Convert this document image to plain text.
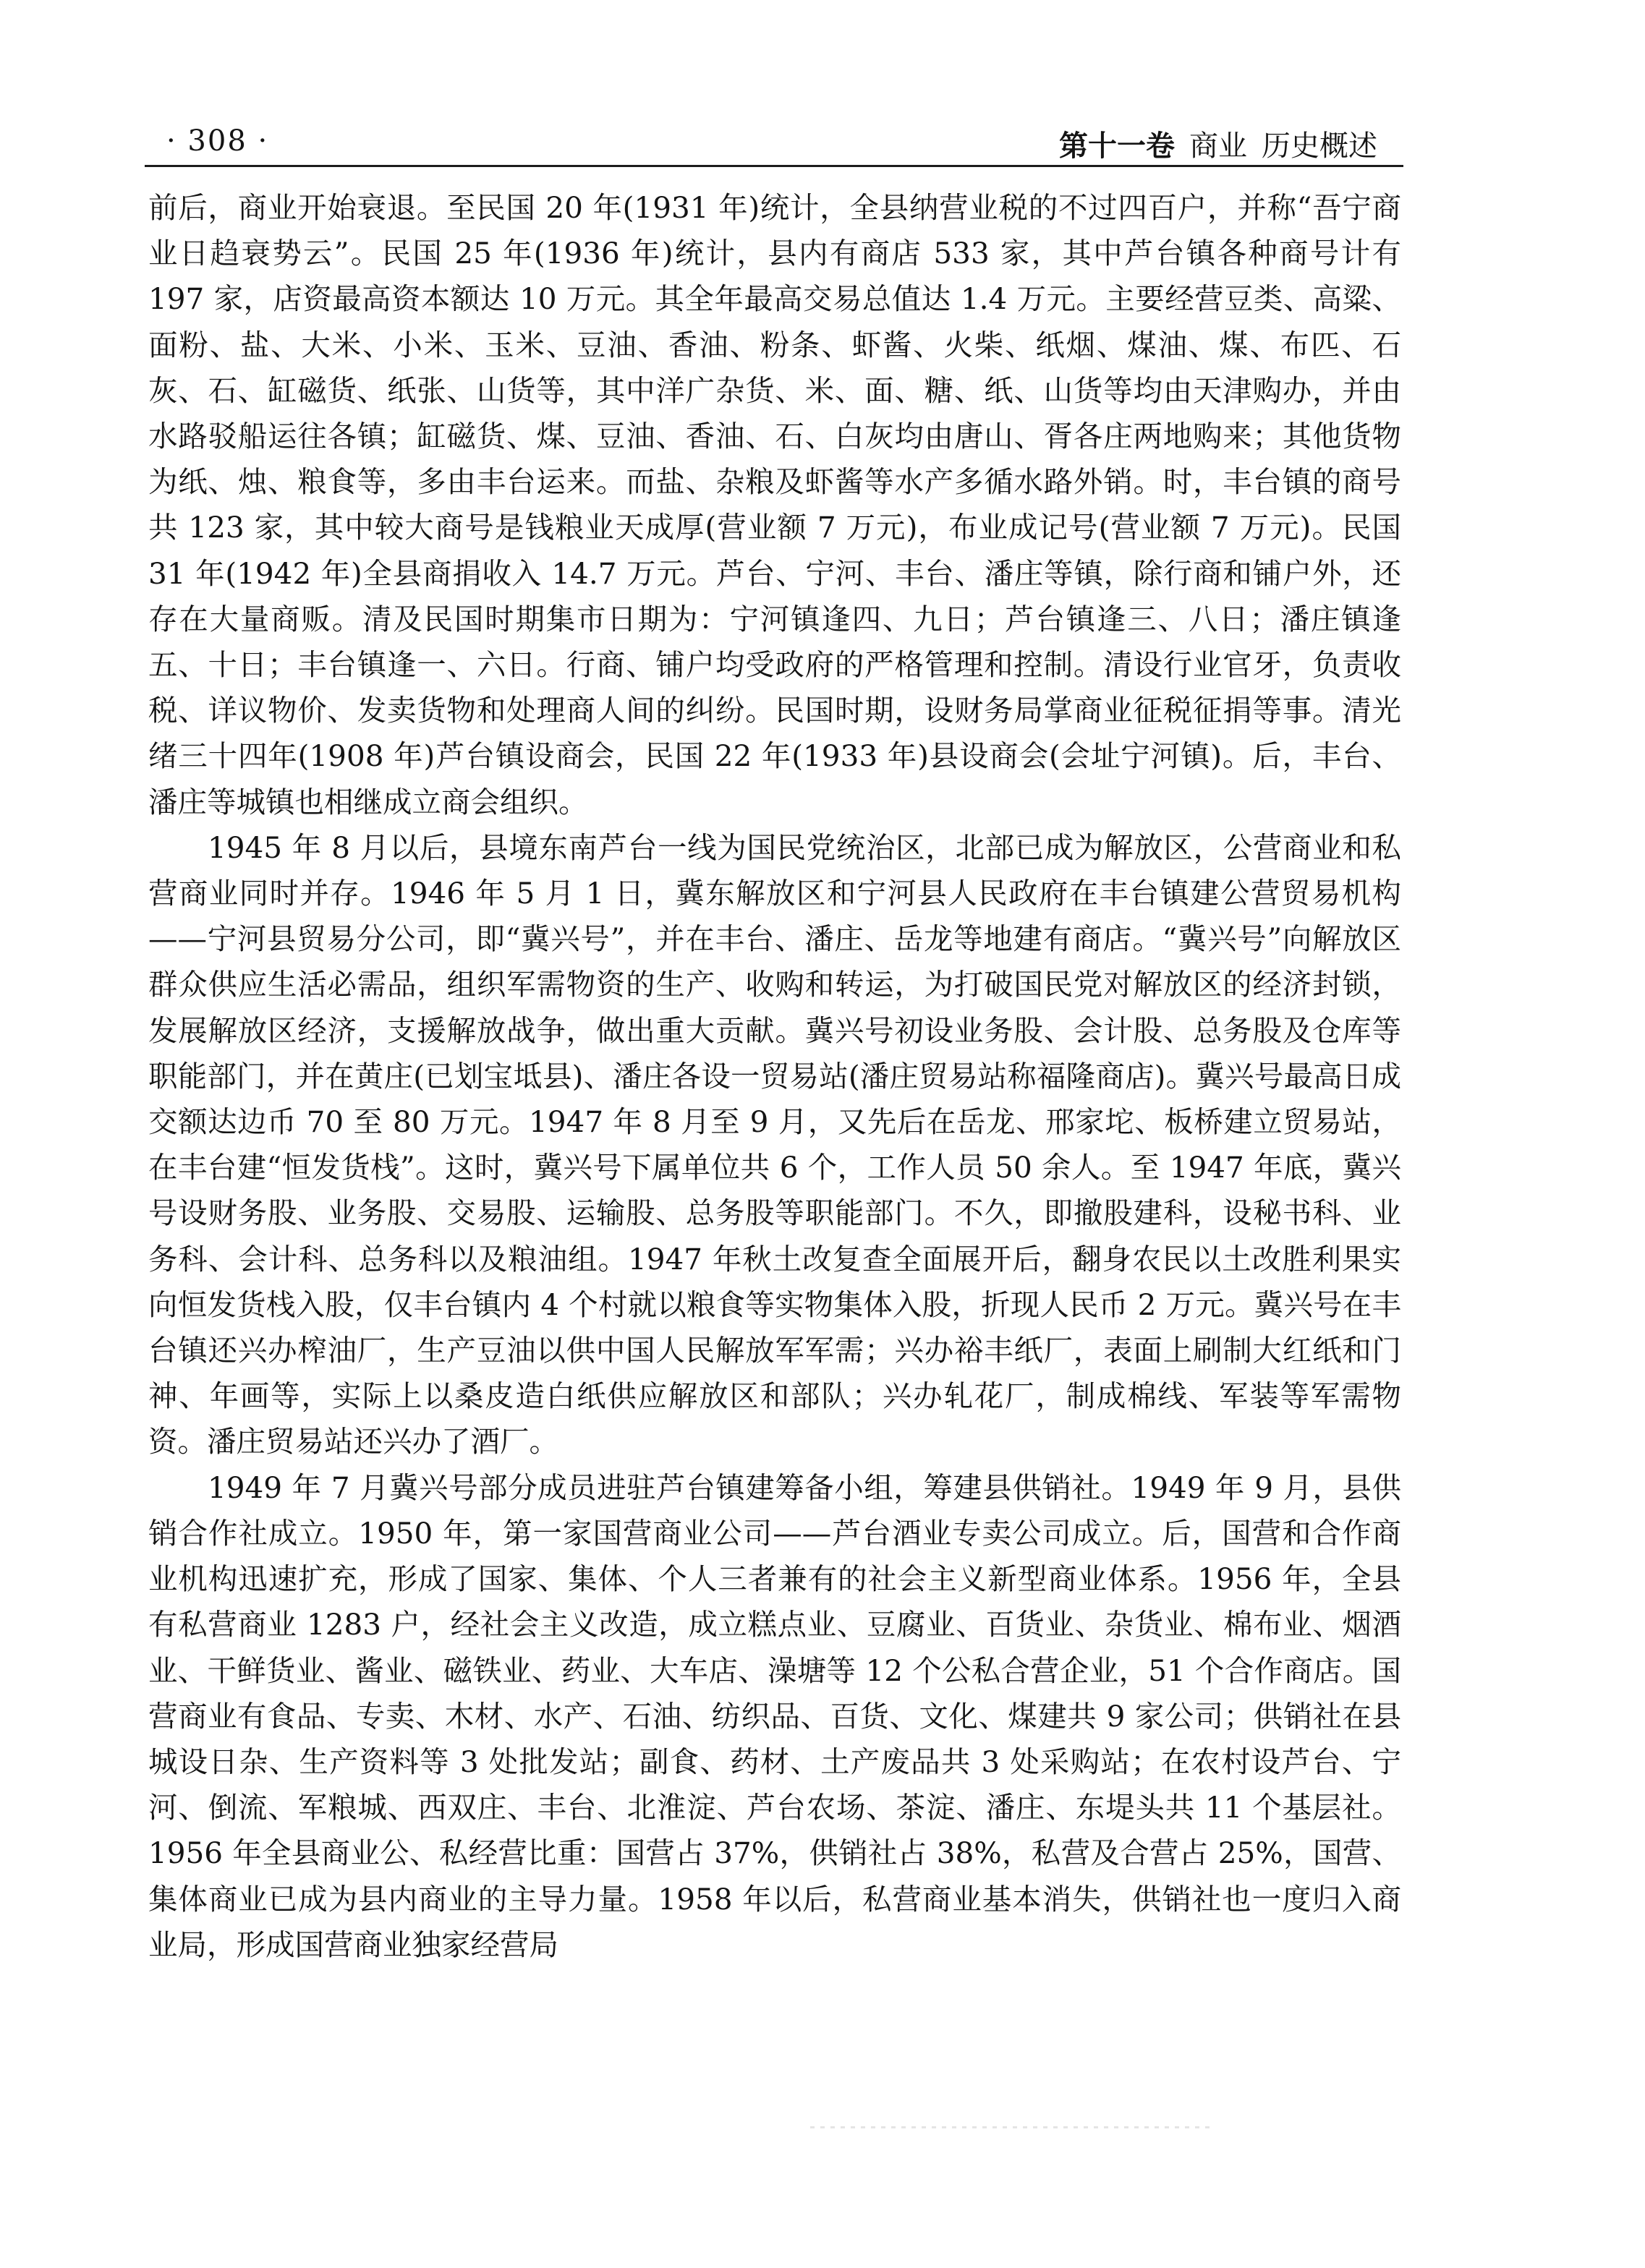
· 308 ·	第十一卷 商业 历史概述

前后，商业开始衰退。至民国 20 年(1931 年)统计，全县纳营业税的不过四百户，并称“吾宁商业日趋衰势云”。民国 25 年(1936 年)统计，县内有商店 533 家，其中芦台镇各种商号计有 197 家，店资最高资本额达 10 万元。其全年最高交易总值达 1.4 万元。主要经营豆类、高粱、面粉、盐、大米、小米、玉米、豆油、香油、粉条、虾酱、火柴、纸烟、煤油、煤、布匹、石灰、石、缸磁货、纸张、山货等，其中洋广杂货、米、面、糖、纸、山货等均由天津购办，并由水路驳船运往各镇；缸磁货、煤、豆油、香油、石、白灰均由唐山、胥各庄两地购来；其他货物为纸、烛、粮食等，多由丰台运来。而盐、杂粮及虾酱等水产多循水路外销。时，丰台镇的商号共 123 家，其中较大商号是钱粮业天成厚(营业额 7 万元)，布业成记号(营业额 7 万元)。民国 31 年(1942 年)全县商捐收入 14.7 万元。芦台、宁河、丰台、潘庄等镇，除行商和铺户外，还存在大量商贩。清及民国时期集市日期为：宁河镇逢四、九日；芦台镇逢三、八日；潘庄镇逢五、十日；丰台镇逢一、六日。行商、铺户均受政府的严格管理和控制。清设行业官牙，负责收税、详议物价、发卖货物和处理商人间的纠纷。民国时期，设财务局掌商业征税征捐等事。清光绪三十四年(1908 年)芦台镇设商会，民国 22 年(1933 年)县设商会(会址宁河镇)。后，丰台、潘庄等城镇也相继成立商会组织。

1945 年 8 月以后，县境东南芦台一线为国民党统治区，北部已成为解放区，公营商业和私营商业同时并存。1946 年 5 月 1 日，冀东解放区和宁河县人民政府在丰台镇建公营贸易机构——宁河县贸易分公司，即“冀兴号”，并在丰台、潘庄、岳龙等地建有商店。“冀兴号”向解放区群众供应生活必需品，组织军需物资的生产、收购和转运，为打破国民党对解放区的经济封锁，发展解放区经济，支援解放战争，做出重大贡献。冀兴号初设业务股、会计股、总务股及仓库等职能部门，并在黄庄(已划宝坻县)、潘庄各设一贸易站(潘庄贸易站称福隆商店)。冀兴号最高日成交额达边币 70 至 80 万元。1947 年 8 月至 9 月，又先后在岳龙、邢家坨、板桥建立贸易站，在丰台建“恒发货栈”。这时，冀兴号下属单位共 6 个，工作人员 50 余人。至 1947 年底，冀兴号设财务股、业务股、交易股、运输股、总务股等职能部门。不久，即撤股建科，设秘书科、业务科、会计科、总务科以及粮油组。1947 年秋土改复查全面展开后，翻身农民以土改胜利果实向恒发货栈入股，仅丰台镇内 4 个村就以粮食等实物集体入股，折现人民币 2 万元。冀兴号在丰台镇还兴办榨油厂，生产豆油以供中国人民解放军军需；兴办裕丰纸厂，表面上刷制大红纸和门神、年画等，实际上以桑皮造白纸供应解放区和部队；兴办轧花厂，制成棉线、军装等军需物资。潘庄贸易站还兴办了酒厂。

1949 年 7 月冀兴号部分成员进驻芦台镇建筹备小组，筹建县供销社。1949 年 9 月，县供销合作社成立。1950 年，第一家国营商业公司——芦台酒业专卖公司成立。后，国营和合作商业机构迅速扩充，形成了国家、集体、个人三者兼有的社会主义新型商业体系。1956 年，全县有私营商业 1283 户，经社会主义改造，成立糕点业、豆腐业、百货业、杂货业、棉布业、烟酒业、干鲜货业、酱业、磁铁业、药业、大车店、澡塘等 12 个公私合营企业，51 个合作商店。国营商业有食品、专卖、木材、水产、石油、纺织品、百货、文化、煤建共 9 家公司；供销社在县城设日杂、生产资料等 3 处批发站；副食、药材、土产废品共 3 处采购站；在农村设芦台、宁河、倒流、军粮城、西双庄、丰台、北淮淀、芦台农场、茶淀、潘庄、东堤头共 11 个基层社。1956 年全县商业公、私经营比重：国营占 37%，供销社占 38%，私营及合营占 25%，国营、集体商业已成为县内商业的主导力量。1958 年以后，私营商业基本消失，供销社也一度归入商业局，形成国营商业独家经营局
